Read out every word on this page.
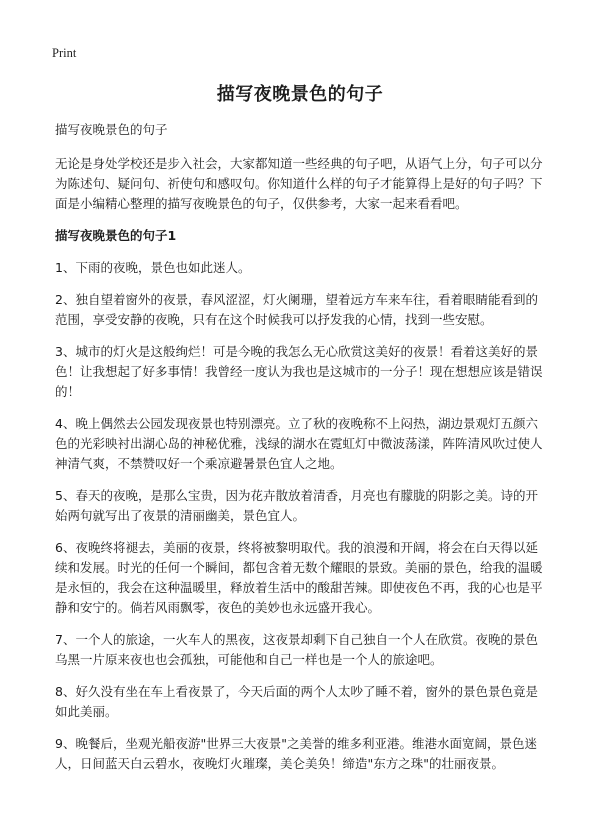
Print
描写夜晚景色的句子

描写夜晚景色的句子

无论是身处学校还是步入社会，大家都知道一些经典的句子吧，从语气上分，句子可以分为陈述句、疑问句、祈使句和感叹句。你知道什么样的句子才能算得上是好的句子吗？下面是小编精心整理的描写夜晚景色的句子，仅供参考，大家一起来看看吧。

描写夜晚景色的句子1

1、下雨的夜晚，景色也如此迷人。

2、独自望着窗外的夜景，春风涩涩，灯火阑珊，望着远方车来车往，看着眼睛能看到的范围，享受安静的夜晚，只有在这个时候我可以抒发我的心情，找到一些安慰。

3、城市的灯火是这般绚烂！可是今晚的我怎么无心欣赏这美好的夜景！看着这美好的景色！让我想起了好多事情！我曾经一度认为我也是这城市的一分子！现在想想应该是错误的！

4、晚上偶然去公园发现夜景也特别漂亮。立了秋的夜晚称不上闷热，湖边景观灯五颜六色的光彩映衬出湖心岛的神秘优雅，浅绿的湖水在霓虹灯中微波荡漾，阵阵清风吹过使人神清气爽，不禁赞叹好一个乘凉避暑景色宜人之地。

5、春天的夜晚，是那么宝贵，因为花卉散放着清香，月亮也有朦胧的阴影之美。诗的开始两句就写出了夜景的清丽幽美，景色宜人。

6、夜晚终将褪去，美丽的夜景，终将被黎明取代。我的浪漫和开阔，将会在白天得以延续和发展。时光的任何一个瞬间，都包含着无数个耀眼的景致。美丽的景色，给我的温暖是永恒的，我会在这种温暖里，释放着生活中的酸甜苦辣。即使夜色不再，我的心也是平静和安宁的。倘若风雨飘零，夜色的美妙也永远盛开我心。

7、一个人的旅途，一火车人的黑夜，这夜景却剩下自己独自一个人在欣赏。夜晚的景色乌黑一片原来夜也也会孤独，可能他和自己一样也是一个人的旅途吧。

8、好久没有坐在车上看夜景了，今天后面的两个人太吵了睡不着，窗外的景色景色竟是如此美丽。

9、晚餐后，坐观光船夜游"世界三大夜景"之美誉的维多利亚港。维港水面宽阔，景色迷人，日间蓝天白云碧水，夜晚灯火璀璨，美仑美奂！缔造"东方之珠"的壮丽夜景。
